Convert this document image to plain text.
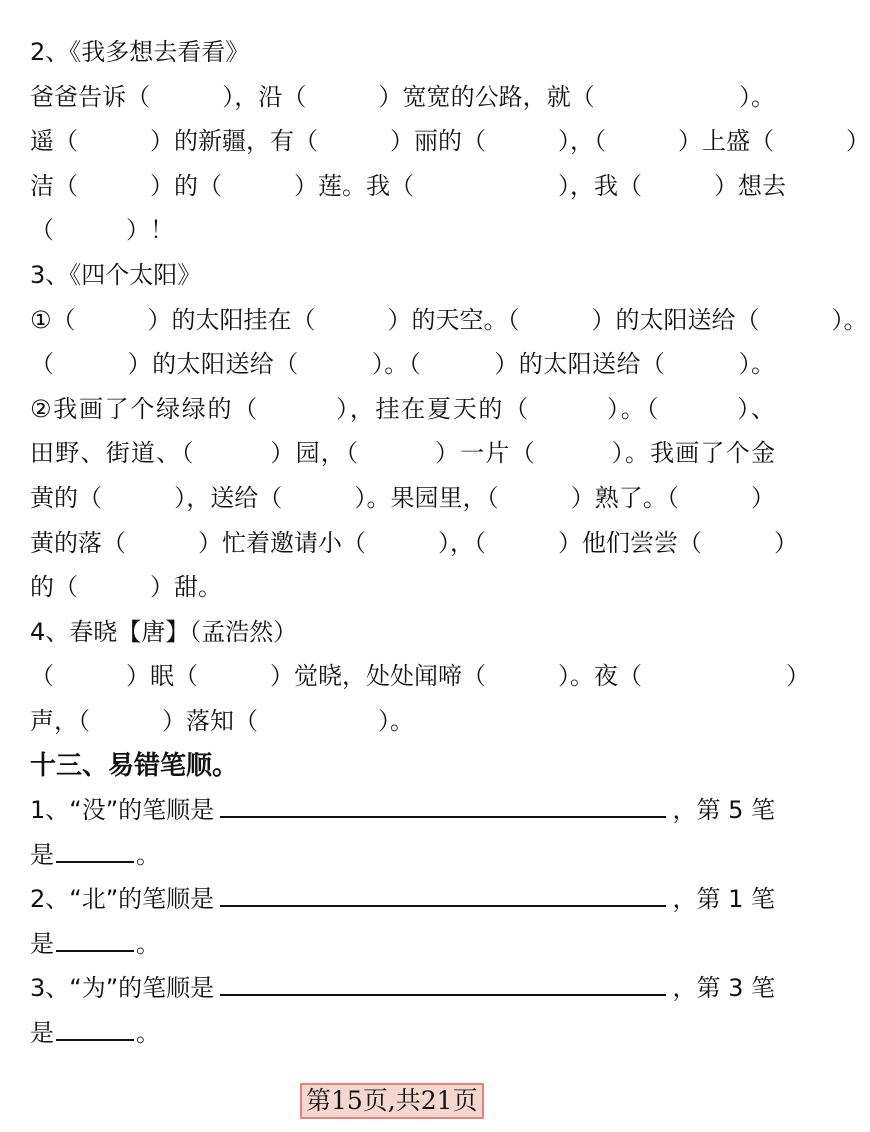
2、《我多想去看看》
爸爸告诉（　　　），沿（　　　）宽宽的公路，就（　　　　　　）。
遥（　　　）的新疆，有（　　　）丽的（　　　），（　　　）上盛（　　　）
洁（　　　）的（　　　）莲。我（　　　　　　），我（　　　）想去
（　　　）！
3、《四个太阳》
①（　　　）的太阳挂在（　　　）的天空。（　　　）的太阳送给（　　　）。
（　　　）的太阳送给（　　　）。（　　　）的太阳送给（　　　）。
②我画了个绿绿的（　　　），挂在夏天的（　　　）。（　　　）、
田野、街道、（　　　）园，（　　　）一片（　　　）。我画了个金
黄的（　　　），送给（　　　）。果园里，（　　　）熟了。（　　　）
黄的落（　　　）忙着邀请小（　　　），（　　　）他们尝尝（　　　）
的（　　　）甜。
4、春晓【唐】（孟浩然）
（　　　）眠（　　　）觉晓，处处闻啼（　　　）。夜（　　　　　　）
声，（　　　）落知（　　　　　）。
十三、易错笔顺。
1、“没”的笔顺是	，第 5 笔
是	。
2、“北”的笔顺是	，第 1 笔
是	。
3、“为”的笔顺是	，第 3 笔
是	。
第15页,共21页
